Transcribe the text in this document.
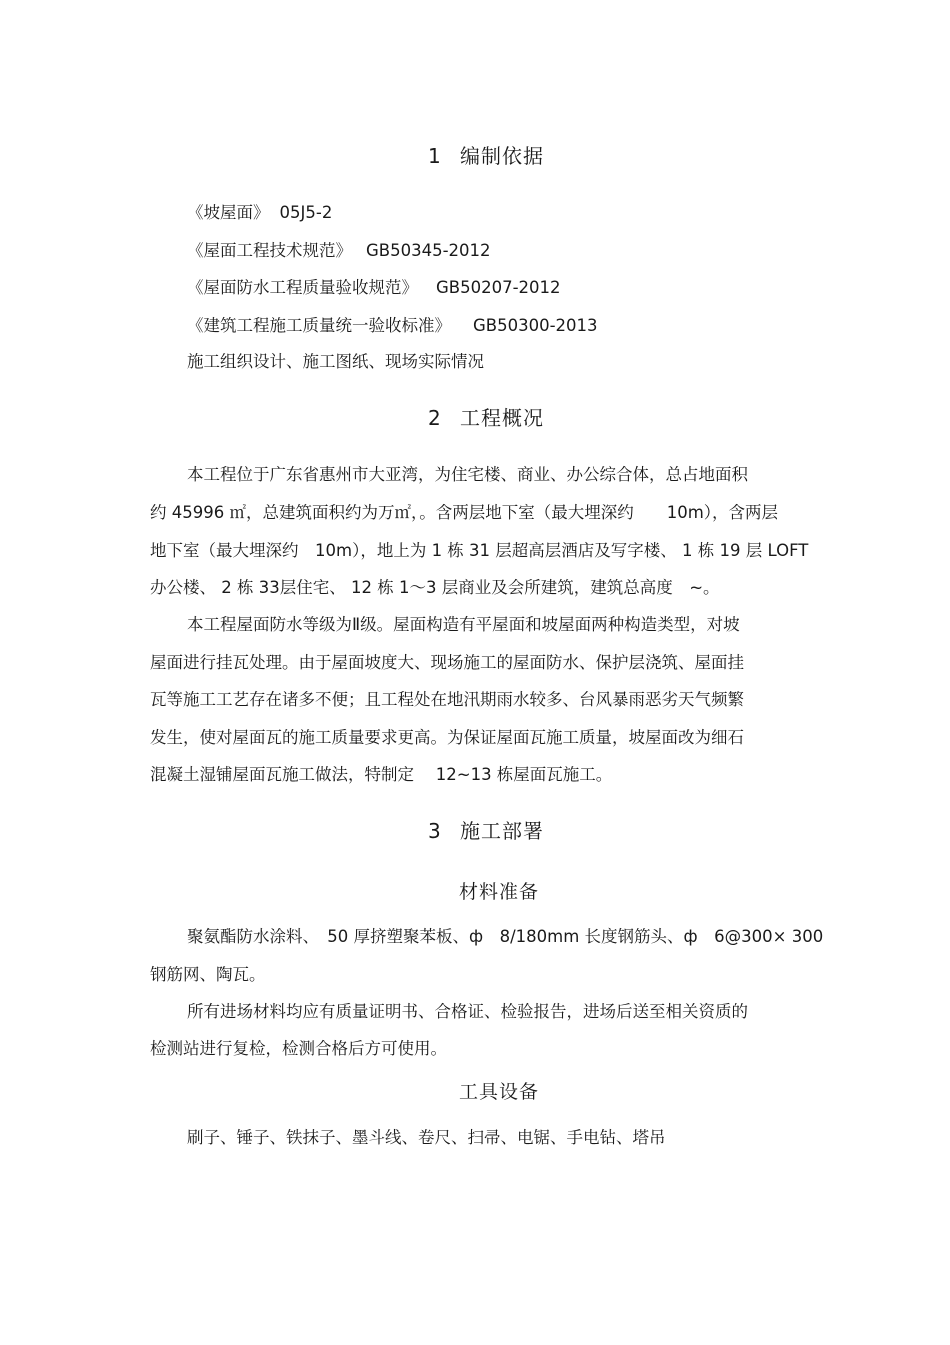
1 编制依据
《坡屋面》 05J5-2
《屋面工程技术规范》 GB50345-2012
《屋面防水工程质量验收规范》 GB50207-2012
《建筑工程施工质量统一验收标准》 GB50300-2013
施工组织设计、施工图纸、现场实际情况
2 工程概况
本工程位于广东省惠州市大亚湾，为住宅楼、商业、办公综合体，总占地面积
约 45996 ㎡，总建筑面积约为万㎡，。含两层地下室（最大埋深约　　10m），含两层
地下室（最大埋深约　10m），地上为 1 栋 31 层超高层酒店及写字楼、 1 栋 19 层 LOFT
办公楼、 2 栋 33层住宅、 12 栋 1～3 层商业及会所建筑，建筑总高度　~。
本工程屋面防水等级为Ⅱ级。屋面构造有平屋面和坡屋面两种构造类型，对坡
屋面进行挂瓦处理。由于屋面坡度大、现场施工的屋面防水、保护层浇筑、屋面挂
瓦等施工工艺存在诸多不便；且工程处在地汛期雨水较多、台风暴雨恶劣天气频繁
发生，使对屋面瓦的施工质量要求更高。为保证屋面瓦施工质量，坡屋面改为细石
混凝土湿铺屋面瓦施工做法，特制定　 12~13 栋屋面瓦施工。
3 施工部署
材料准备
聚氨酯防水涂料、　50 厚挤塑聚苯板、ф　8/180mm 长度钢筋头、ф　6@300× 300
钢筋网、陶瓦。
所有进场材料均应有质量证明书、合格证、检验报告，进场后送至相关资质的
检测站进行复检，检测合格后方可使用。
工具设备
刷子、锤子、铁抹子、墨斗线、卷尺、扫帚、电锯、手电钻、塔吊
